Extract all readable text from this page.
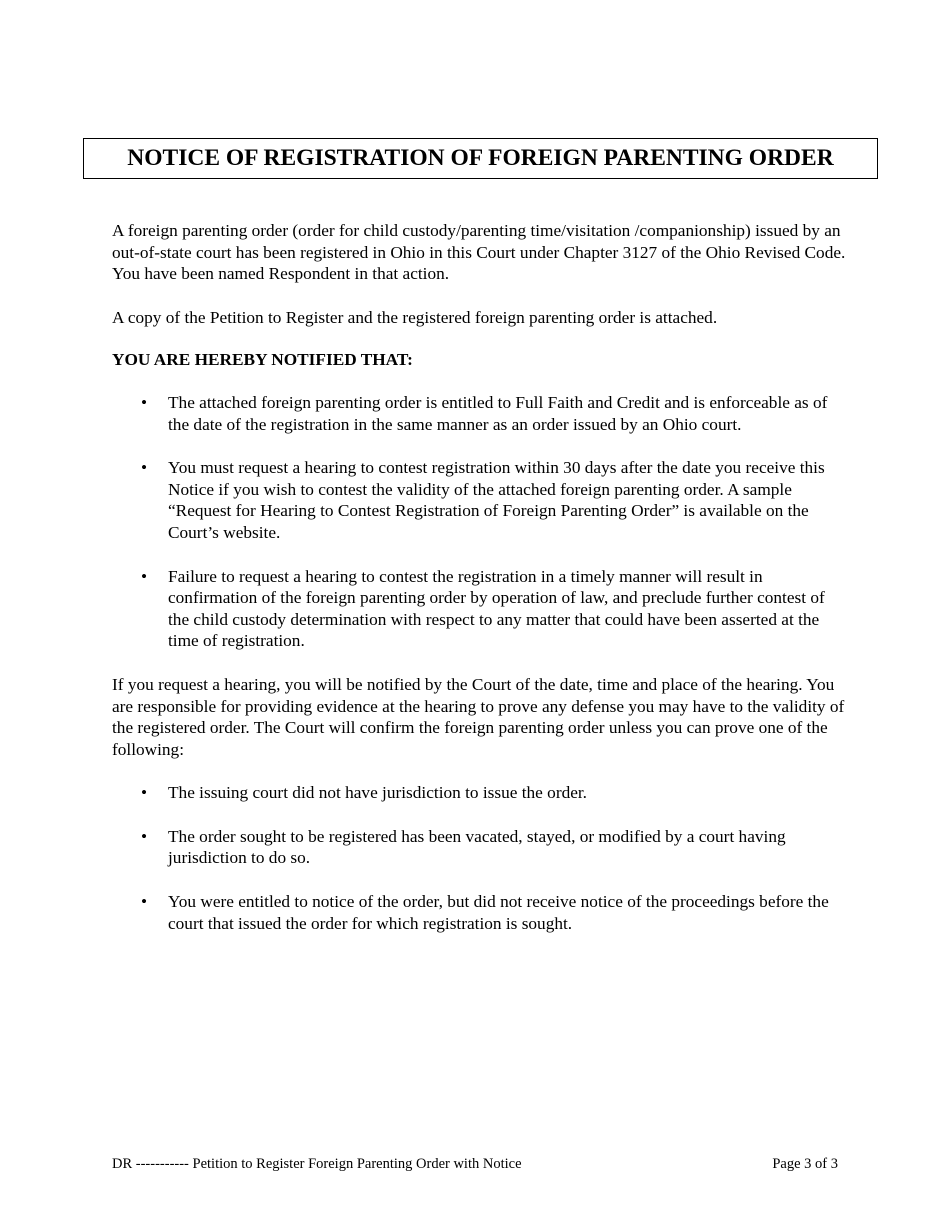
NOTICE OF REGISTRATION OF FOREIGN PARENTING ORDER

A foreign parenting order (order for child custody/parenting time/visitation /companionship) issued by an out-of-state court has been registered in Ohio in this Court under Chapter 3127 of the Ohio Revised Code. You have been named Respondent in that action.

A copy of the Petition to Register and the registered foreign parenting order is attached.

YOU ARE HEREBY NOTIFIED THAT:

• The attached foreign parenting order is entitled to Full Faith and Credit and is enforceable as of the date of the registration in the same manner as an order issued by an Ohio court.
• You must request a hearing to contest registration within 30 days after the date you receive this Notice if you wish to contest the validity of the attached foreign parenting order. A sample “Request for Hearing to Contest Registration of Foreign Parenting Order” is available on the Court’s website.
• Failure to request a hearing to contest the registration in a timely manner will result in confirmation of the foreign parenting order by operation of law, and preclude further contest of the child custody determination with respect to any matter that could have been asserted at the time of registration.

If you request a hearing, you will be notified by the Court of the date, time and place of the hearing. You are responsible for providing evidence at the hearing to prove any defense you may have to the validity of the registered order. The Court will confirm the foreign parenting order unless you can prove one of the following:

• The issuing court did not have jurisdiction to issue the order.
• The order sought to be registered has been vacated, stayed, or modified by a court having jurisdiction to do so.
• You were entitled to notice of the order, but did not receive notice of the proceedings before the court that issued the order for which registration is sought.
DR ----------- Petition to Register Foreign Parenting Order with Notice	Page 3 of 3
